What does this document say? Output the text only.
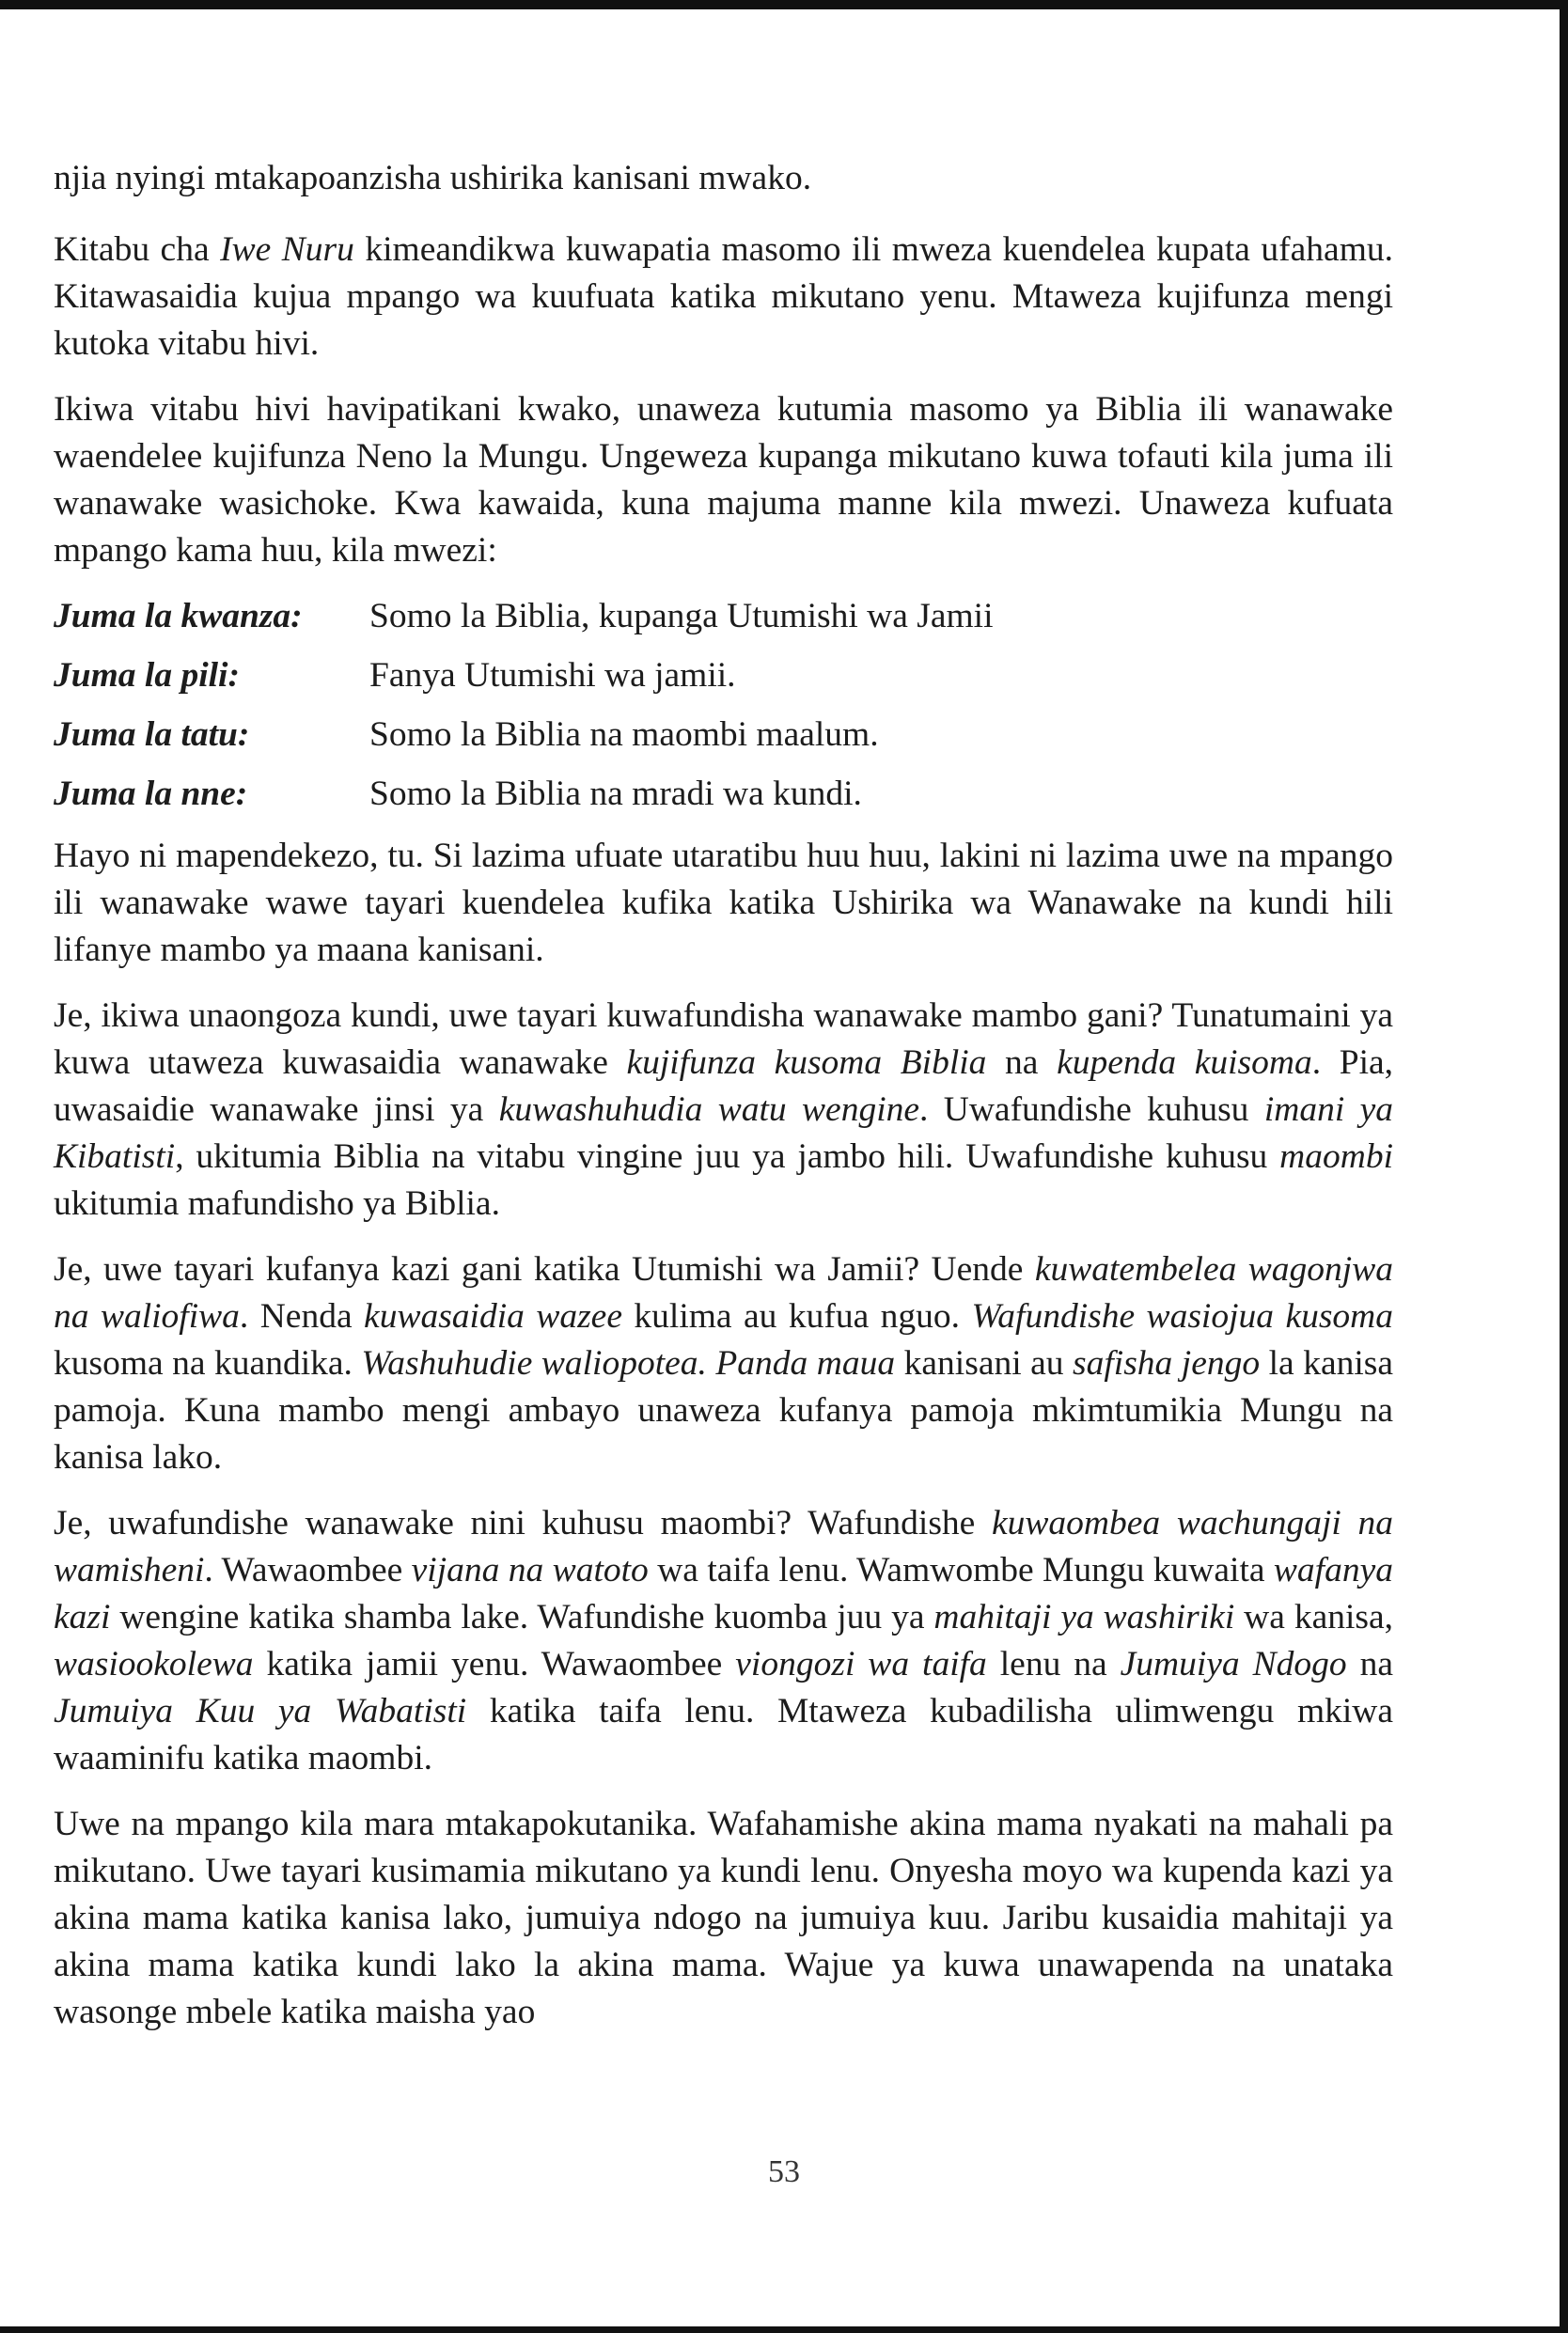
njia nyingi mtakapoanzisha ushirika kanisani mwako.

Kitabu cha Iwe Nuru kimeandikwa kuwapatia masomo ili mweza kuendelea kupata ufahamu. Kitawasaidia kujua mpango wa kuufuata katika mikutano yenu. Mtaweza kujifunza mengi kutoka vitabu hivi.

Ikiwa vitabu hivi havipatikani kwako, unaweza kutumia masomo ya Biblia ili wanawake waendelee kujifunza Neno la Mungu. Ungeweza kupanga mikutano kuwa tofauti kila juma ili wanawake wasichoke. Kwa kawaida, kuna majuma manne kila mwezi. Unaweza kufuata mpango kama huu, kila mwezi:

Juma la kwanza:	Somo la Biblia, kupanga Utumishi wa Jamii
Juma la pili:	Fanya Utumishi wa jamii.
Juma la tatu:	Somo la Biblia na maombi maalum.
Juma la nne:	Somo la Biblia na mradi wa kundi.

Hayo ni mapendekezo, tu. Si lazima ufuate utaratibu huu huu, lakini ni lazima uwe na mpango ili wanawake wawe tayari kuendelea kufika katika Ushirika wa Wanawake na kundi hili lifanye mambo ya maana kanisani.

Je, ikiwa unaongoza kundi, uwe tayari kuwafundisha wanawake mambo gani? Tunatumaini ya kuwa utaweza kuwasaidia wanawake kujifunza kusoma Biblia na kupenda kuisoma. Pia, uwasaidie wanawake jinsi ya kuwashuhudia watu wengine. Uwafundishe kuhusu imani ya Kibatisti, ukitumia Biblia na vitabu vingine juu ya jambo hili. Uwafundishe kuhusu maombi ukitumia mafundisho ya Biblia.

Je, uwe tayari kufanya kazi gani katika Utumishi wa Jamii? Uende kuwatembelea wagonjwa na waliofiwa. Nenda kuwasaidia wazee kulima au kufua nguo. Wafundishe wasiojua kusoma kusoma na kuandika. Washuhudie waliopotea. Panda maua kanisani au safisha jengo la kanisa pamoja. Kuna mambo mengi ambayo unaweza kufanya pamoja mkimtumikia Mungu na kanisa lako.

Je, uwafundishe wanawake nini kuhusu maombi? Wafundishe kuwaombea wachungaji na wamisheni. Wawaombee vijana na watoto wa taifa lenu. Wamwombe Mungu kuwaita wafanya kazi wengine katika shamba lake. Wafundishe kuomba juu ya mahitaji ya washiriki wa kanisa, wasiookolewa katika jamii yenu. Wawaombee viongozi wa taifa lenu na Jumuiya Ndogo na Jumuiya Kuu ya Wabatisti katika taifa lenu. Mtaweza kubadilisha ulimwengu mkiwa waaminifu katika maombi.

Uwe na mpango kila mara mtakapokutanika. Wafahamishe akina mama nyakati na mahali pa mikutano. Uwe tayari kusimamia mikutano ya kundi lenu. Onyesha moyo wa kupenda kazi ya akina mama katika kanisa lako, jumuiya ndogo na jumuiya kuu. Jaribu kusaidia mahitaji ya akina mama katika kundi lako la akina mama. Wajue ya kuwa unawapenda na unataka wasonge mbele katika maisha yao

53
